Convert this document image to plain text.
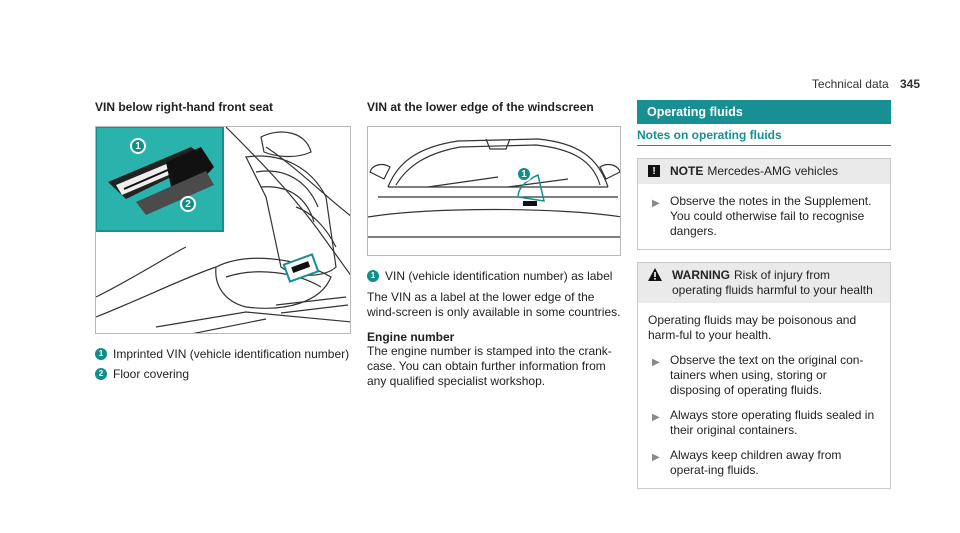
Technical data 345
VIN below right-hand front seat
1
2
1 Imprinted VIN (vehicle identification number)
2 Floor covering
VIN at the lower edge of the windscreen
1
1 VIN (vehicle identification number) as label

The VIN as a label at the lower edge of the wind-screen is only available in some countries.

Engine number

The engine number is stamped into the crank-case. You can obtain further information from any qualified specialist workshop.

Operating fluids
Notes on operating fluids
!	NOTE Mercedes-AMG vehicles
▶ Observe the notes in the Supplement. You could otherwise fail to recognise dangers.
WARNING Risk of injury from operating fluids harmful to your health
Operating fluids may be poisonous and harm-ful to your health.
▶ Observe the text on the original con-tainers when using, storing or disposing of operating fluids.
▶ Always store operating fluids sealed in their original containers.
▶ Always keep children away from operat-ing fluids.
